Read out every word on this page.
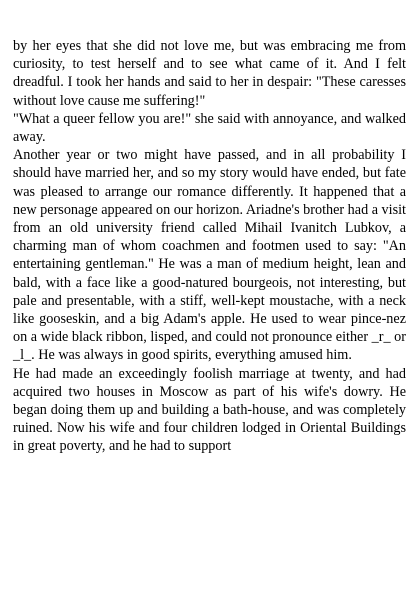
by her eyes that she did not love me, but was embracing me from curiosity, to test herself and to see what came of it. And I felt dreadful. I took her hands and said to her in despair: "These caresses without love cause me suffering!"

"What a queer fellow you are!" she said with annoyance, and walked away.

Another year or two might have passed, and in all probability I should have married her, and so my story would have ended, but fate was pleased to arrange our romance differently. It happened that a new personage appeared on our horizon. Ariadne's brother had a visit from an old university friend called Mihail Ivanitch Lubkov, a charming man of whom coachmen and footmen used to say: "An entertaining gentleman." He was a man of medium height, lean and bald, with a face like a good-natured bourgeois, not interesting, but pale and presentable, with a stiff, well-kept moustache, with a neck like gooseskin, and a big Adam's apple. He used to wear pince-nez on a wide black ribbon, lisped, and could not pronounce either _r_ or _l_. He was always in good spirits, everything amused him.

He had made an exceedingly foolish marriage at twenty, and had acquired two houses in Moscow as part of his wife's dowry. He began doing them up and building a bath-house, and was completely ruined. Now his wife and four children lodged in Oriental Buildings in great poverty, and he had to support
